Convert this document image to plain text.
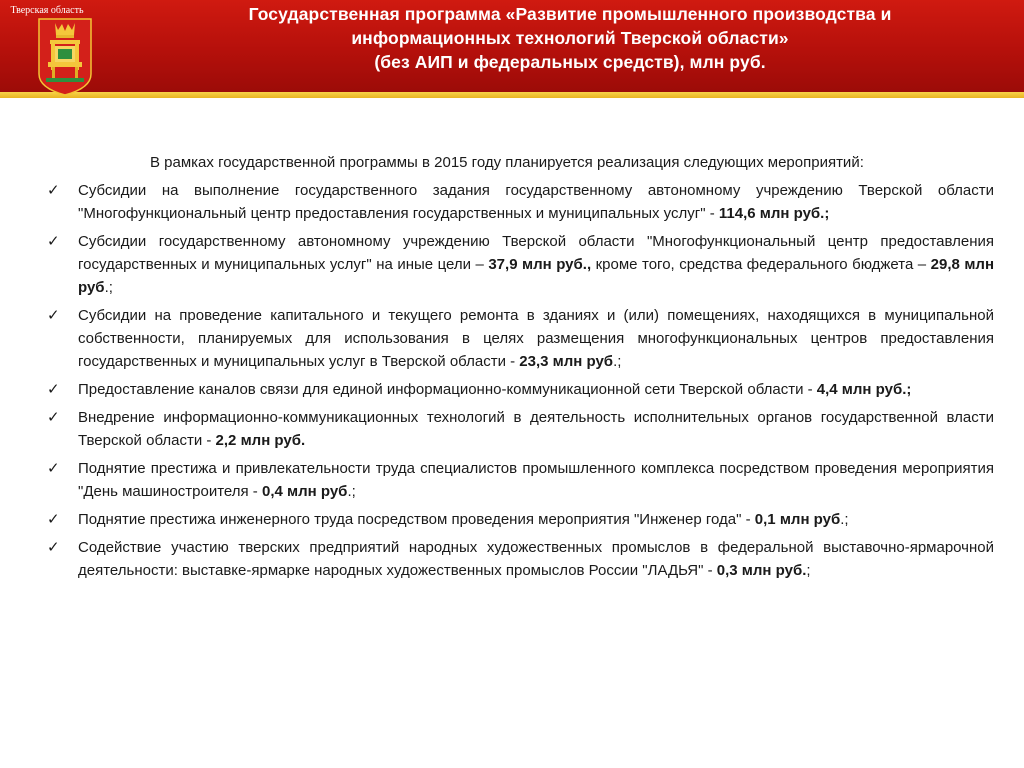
Тверская область	Государственная программа «Развитие промышленного производства и
информационных технологий Тверской области»
(без АИП и федеральных средств), млн руб.

В рамках государственной программы в 2015 году планируется реализация следующих мероприятий:

✓ Субсидии на выполнение государственного задания государственному автономному учреждению Тверской области "Многофункциональный центр предоставления государственных и муниципальных услуг" - 114,6 млн руб.;
✓ Субсидии государственному автономному учреждению Тверской области "Многофункциональный центр предоставления государственных и муниципальных услуг" на иные цели – 37,9 млн руб., кроме того, средства федерального бюджета – 29,8 млн руб.;
✓ Субсидии на проведение капитального и текущего ремонта в зданиях и (или) помещениях, находящихся в муниципальной собственности, планируемых для использования в целях размещения многофункциональных центров предоставления государственных и муниципальных услуг в Тверской области - 23,3 млн руб.;
✓ Предоставление каналов связи для единой информационно-коммуникационной сети Тверской области - 4,4 млн руб.;
✓ Внедрение информационно-коммуникационных технологий в деятельность исполнительных органов государственной власти Тверской области - 2,2 млн руб.
✓ Поднятие престижа и привлекательности труда специалистов промышленного комплекса посредством проведения мероприятия "День машиностроителя - 0,4 млн руб.;
✓ Поднятие престижа инженерного труда посредством проведения мероприятия "Инженер года" - 0,1 млн руб.;
✓ Содействие участию тверских предприятий народных художественных промыслов в федеральной выставочно-ярмарочной деятельности: выставке-ярмарке народных художественных промыслов России "ЛАДЬЯ" - 0,3 млн руб.;
